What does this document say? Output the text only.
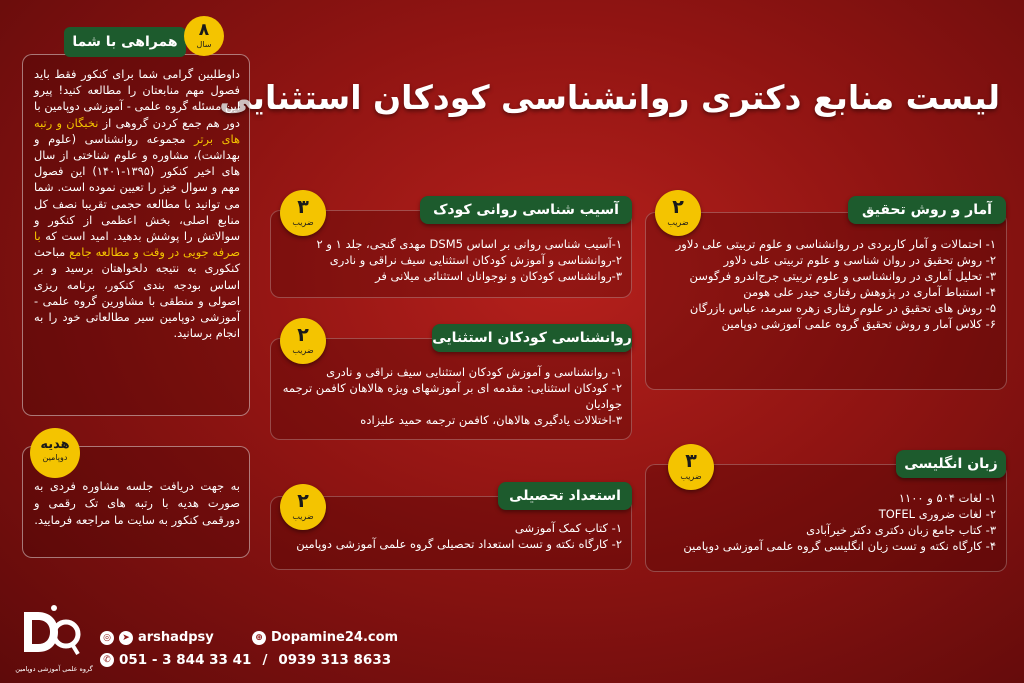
لیست منابع دکتری روانشناسی کودکان استثنایی
همراهی با شما
۸
سال
داوطلبین گرامی شما برای کنکور فقط باید فصول مهم منابعتان را مطالعه کنید! پیرو این مسئله گروه علمی - آموزشی دوپامین با دور هم جمع کردن گروهی از نخبگان و رتبه های برتر مجموعه روانشناسی (علوم و بهداشت)، مشاوره و علوم شناختی از سال های اخیر کنکور (۱۳۹۵-۱۴۰۱) این فصول مهم و سوال خیز را تعیین نموده است. شما می توانید با مطالعه حجمی تقریبا نصف کل منابع اصلی، بخش اعظمی از کنکور و سوالاتش را پوشش بدهید. امید است که با صرفه جویی در وقت و مطالعه جامع مباحث کنکوری به نتیجه دلخواهتان برسید و بر اساس بودجه بندی کنکور، برنامه ریزی اصولی و منطقی با مشاورین گروه علمی - آموزشی دوپامین سیر مطالعاتی خود را به انجام برسانید.
هدیه
دوپامین
به جهت دریافت جلسه مشاوره فردی به صورت هدیه با رتبه های تک رقمی و دورقمی کنکور به سایت ما مراجعه فرمایید.
آمار و روش تحقیق
۲
ضریب
۱- احتمالات و آمار کاربردی در روانشناسی و علوم تربیتی علی دلاور
۲- روش تحقیق در روان شناسی و علوم تربیتی علی دلاور
۳- تحلیل آماری در روانشناسی و علوم تربیتی جرج‌اندرو فرگوسن
۴- استنباط آماری در پژوهش رفتاری حیدر علی هومن
۵- روش های تحقیق در علوم رفتاری زهره سرمد، عباس بازرگان
۶- کلاس آمار و روش تحقیق گروه علمی آموزشی دوپامین
آسیب شناسی روانی کودک
۳
ضریب
۱-آسیب شناسی روانی بر اساس DSM5 مهدی گنجی، جلد ۱ و ۲
۲-روانشناسی و آموزش کودکان استثنایی سیف نراقی و نادری
۳-روانشناسی کودکان و نوجوانان استثنائی میلانی فر
روانشناسی کودکان استثنایی
۲
ضریب
۱- روانشناسی و آموزش کودکان استثنایی سیف نراقی و نادری
۲- کودکان استثنایی: مقدمه ای بر آموزشهای ویژه هالاهان کافمن ترجمه جوادیان
۳-اختلالات یادگیری هالاهان، کافمن ترجمه حمید علیزاده
زبان انگلیسی
۳
ضریب
۱- لغات ۵۰۴ و ۱۱۰۰
۲- لغات ضروری TOFEL
۳- کتاب جامع زبان دکتری دکتر خیرآبادی
۴- کارگاه نکته و تست زبان انگلیسی گروه علمی آموزشی دوپامین
استعداد تحصیلی
۲
ضریب
۱- کتاب کمک آموزشی
۲- کارگاه نکته و تست استعداد تحصیلی گروه علمی آموزشی دوپامین
گروه علمی آموزشی دوپامین
◎	➤ arshadpsy	⊕ Dopamine24.com
✆ 051 - 3 844 33 41 / 0939 313 8633
